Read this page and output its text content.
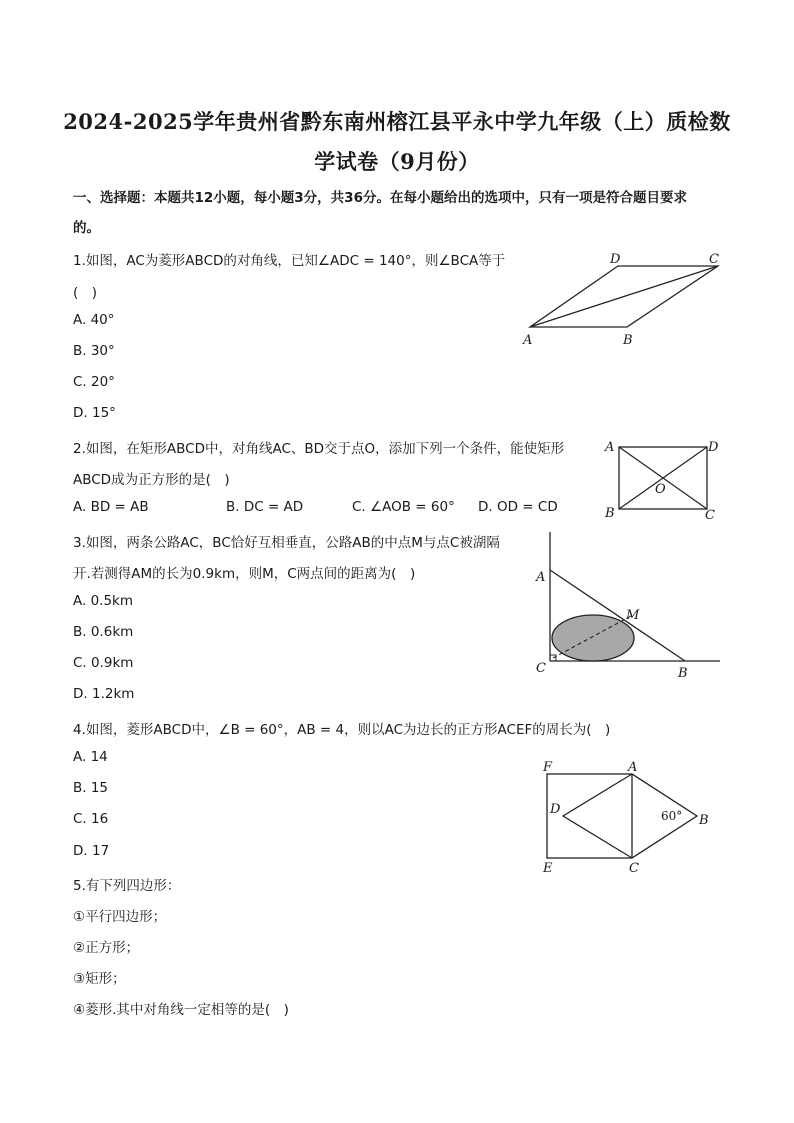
2024-2025学年贵州省黔东南州榕江县平永中学九年级（上）质检数
学试卷（9月份）
一、选择题：本题共12小题，每小题3分，共36分。在每小题给出的选项中，只有一项是符合题目要求
的。
1.如图，AC为菱形ABCD的对角线，已知∠ADC = 140°，则∠BCA等于
(　)
A. 40°
B. 30°
C. 20°
D. 15°
A	B
C
D
2.如图，在矩形ABCD中，对角线AC、BD交于点O，添加下列一个条件，能使矩形
ABCD成为正方形的是(　)
A. BD = AB	B. DC = AD	C. ∠AOB = 60° D. OD = CD
A	D
B	C
O
3.如图，两条公路AC，BC恰好互相垂直，公路AB的中点M与点C被湖隔
开.若测得AM的长为0.9km，则M，C两点间的距离为(　)
A. 0.5km
B. 0.6km
C. 0.9km
D. 1.2km
A
B
C
M
4.如图，菱形ABCD中，∠B = 60°，AB = 4，则以AC为边长的正方形ACEF的周长为(　)
A. 14
B. 15
C. 16
D. 17
F	A
D
B
60°
E	C
5.有下列四边形：
①平行四边形；
②正方形；
③矩形；
④菱形.其中对角线一定相等的是(　)
